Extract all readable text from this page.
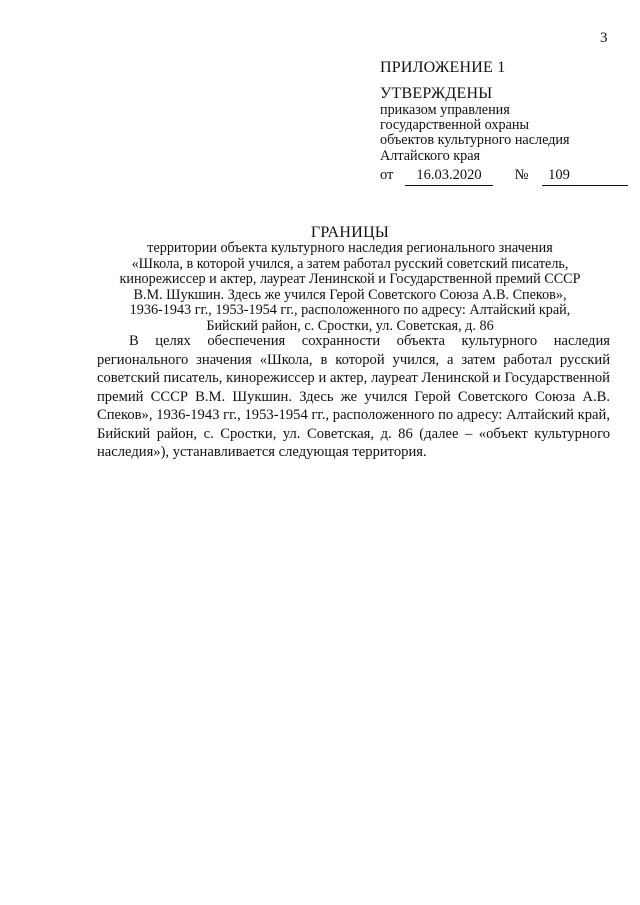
3
ПРИЛОЖЕНИЕ 1
УТВЕРЖДЕНЫ
приказом управления
государственной охраны
объектов культурного наследия
Алтайского края
от 16.03.2020 № 109
ГРАНИЦЫ
территории объекта культурного наследия регионального значения
«Школа, в которой учился, а затем работал русский советский писатель,
кинорежиссер и актер, лауреат Ленинской и Государственной премий СССР
В.М. Шукшин. Здесь же учился Герой Советского Союза А.В. Спеков»,
1936-1943 гг., 1953-1954 гг., расположенного по адресу: Алтайский край,
Бийский район, с. Сростки, ул. Советская, д. 86

В целях обеспечения сохранности объекта культурного наследия регионального значения «Школа, в которой учился, а затем работал русский советский писатель, кинорежиссер и актер, лауреат Ленинской и Государственной премий СССР В.М. Шукшин. Здесь же учился Герой Советского Союза А.В. Спеков», 1936-1943 гг., 1953-1954 гг., расположенного по адресу: Алтайский край, Бийский район, с. Сростки, ул. Советская, д. 86 (далее – «объект культурного наследия»), устанавливается следующая территория.
